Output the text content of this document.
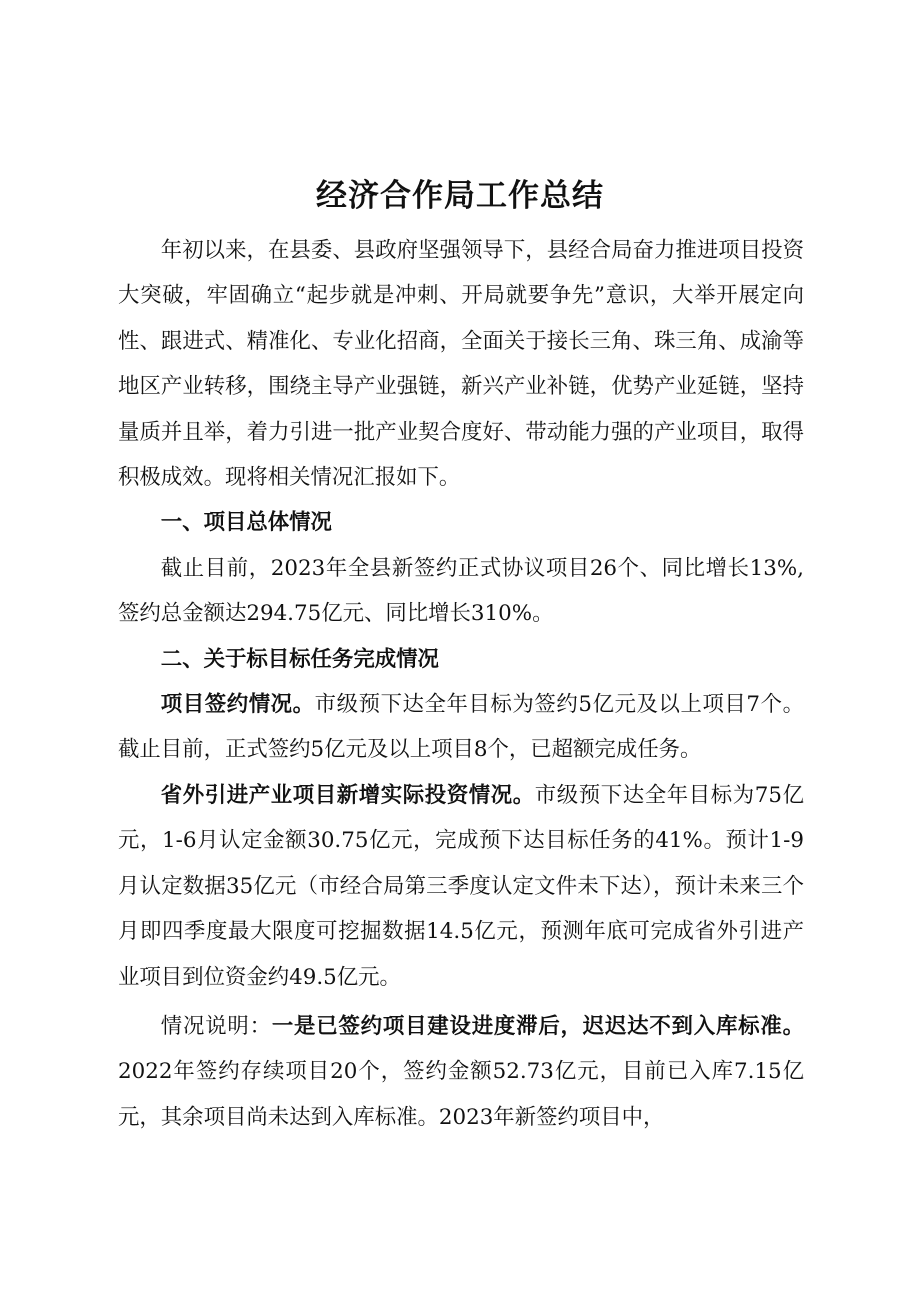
经济合作局工作总结

年初以来，在县委、县政府坚强领导下，县经合局奋力推进项目投资大突破，牢固确立“起步就是冲刺、开局就要争先”意识，大举开展定向性、跟进式、精准化、专业化招商，全面关于接长三角、珠三角、成渝等地区产业转移，围绕主导产业强链，新兴产业补链，优势产业延链，坚持量质并且举，着力引进一批产业契合度好、带动能力强的产业项目，取得积极成效。现将相关情况汇报如下。

一、项目总体情况

截止目前，2023年全县新签约正式协议项目26个、同比增长13%,签约总金额达294.75亿元、同比增长310%。

二、关于标目标任务完成情况

项目签约情况。市级预下达全年目标为签约5亿元及以上项目7个。截止目前，正式签约5亿元及以上项目8个，已超额完成任务。

省外引进产业项目新增实际投资情况。市级预下达全年目标为75亿元，1-6月认定金额30.75亿元，完成预下达目标任务的41%。预计1-9月认定数据35亿元（市经合局第三季度认定文件未下达），预计未来三个月即四季度最大限度可挖掘数据14.5亿元，预测年底可完成省外引进产业项目到位资金约49.5亿元。

情况说明：一是已签约项目建设进度滞后，迟迟达不到入库标准。2022年签约存续项目20个，签约金额52.73亿元，目前已入库7.15亿元，其余项目尚未达到入库标准。2023年新签约项目中，
